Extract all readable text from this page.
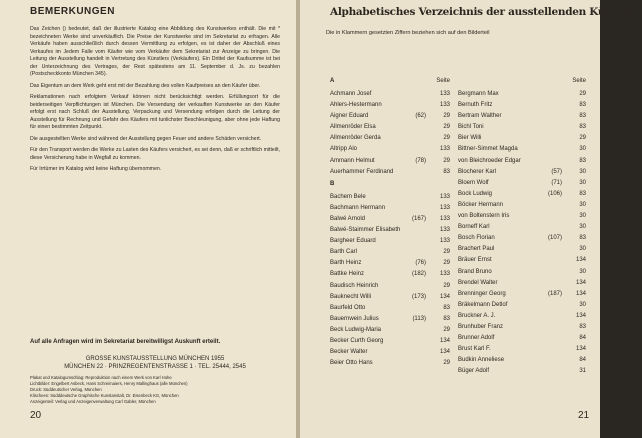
BEMERKUNGEN

Das Zeichen () bedeutet, daß der illustrierte Katalog eine Abbildung des Kunstwerkes enthält. Die mit * bezeichneten Werke sind unverkäuflich. Die Preise der Kunstwerke sind im Sekretariat zu erfragen. Alle Verkäufe haben ausschließlich durch dessen Vermittlung zu erfolgen, es ist daher der Abschluß eines Verkaufes im Jedem Falle vom Käufer wie vom Verkäufer dem Sekretariat zur Anzeige zu bringen. Die Leitung der Ausstellung handelt in Vertretung des Künstlers (Verkäufers). Ein Drittel der Kaufsumme ist bei der Unterzeichnung des Vertrages, der Rest spätestens am 11. September d. Js. zu bezahlen (Postscheckkonto München 345).

Das Eigentum an dem Werk geht erst mit der Bezahlung des vollen Kaufpreises an den Käufer über.

Reklamationen nach erfolgtem Verkauf können nicht berücksichtigt werden. Erfüllungsort für die beiderseitigen Verpflichtungen ist München. Die Versendung der verkauften Kunstwerke an den Käufer erfolgt erst nach Schluß der Ausstellung. Verpackung und Versendung erfolgen durch die Leitung der Ausstellung für Rechnung und Gefahr des Käufers mit tunlichster Beschleunigung, aber ohne jede Haftung für einen bestimmten Zeitpunkt.

Die ausgestellten Werke sind während der Ausstellung gegen Feuer und andere Schäden versichert.

Für den Transport werden die Werke zu Lasten des Käufers versichert, es sei denn, daß er schriftlich mitteilt, diese Versicherung habe in Wegfall zu kommen.

Für Irrtümer im Katalog wird keine Haftung übernommen.

Auf alle Anfragen wird im Sekretariat bereitwilligst Auskunft erteilt.
GROSSE KUNSTAUSSTELLUNG MÜNCHEN 1955
MÜNCHEN 22 · PRINZREGENTENSTRASSE 1 · TEL. 25444, 2545
Plakat und Katalogumschlag: Reproduktion nach einem Werk von Karl Hohe
Lichtbilder: Engelbert Asbeck, Hans Schreimaiers, Henry Mallinghaus (alle München)
Druck: Süddeutscher Verlag, München
Klischees: Südddeutsche Graphische Kunstanstalt, Dr. Eisenbeck KG, München
Anzeigenteil: Verlag und Anzeigenverwaltung Carl Gabler, München
20
Alphabetisches Verzeichnis der ausstellenden Künstler:
Die in Klammern gesetzten Ziffern beziehen sich auf den Bilderteil
A	Seite
Achmann Josef	133
Ahlers-Hestermann	133
Aigner Eduard	(62)	29
Allmenröder Elsa	29
Allmenröder Gerda	29
Altripp Alo	133
Ammann Helmut	(78)	29
Auerhammer Ferdinand	83
B
Bachem Bele	133
Bachmann Hermann	133
Balwé Arnold	(167)	133
Balwé-Staimmer Elisabeth	133
Bargheer Eduard	133
Barth Carl	29
Barth Heinz	(76)	29
Battke Heinz	(182)	133
Baudisch Heinrich	29
Bauknecht Willi	(173)	134
Baurfeld Otto	83
Bauernwein Julius	(113)	83
Beck Ludwig-Maria	29
Becker Curth Georg	134
Becker Walter	134
Beier Otto Hans	29
Seite
Bergmann Max	29
Bernuth Fritz	83
Bertram Walther	83
Bichl Toni	83
Bier Willi	29
Bittner-Simmet Magda	30
von Bleichroeder Edgar	83
Blocherer Karl	(57)	30
Bloem Wolf	(71)	30
Bock Ludwig	(106)	83
Böcker Hermann	30
von Boltenstern Iris	30
Borneff Karl	30
Bosch Florian	(107)	83
Brachert Paul	30
Bräuer Ernst	134
Brand Bruno	30
Brendel Walter	134
Brenninger Georg	(187)	134
Bräkelmann Detlof	30
Bruckner A. J.	134
Brunhuber Franz	83
Brunner Adolf	84
Brust Karl F.	134
Budkin Anneliese	84
Büger Adolf	31
21
